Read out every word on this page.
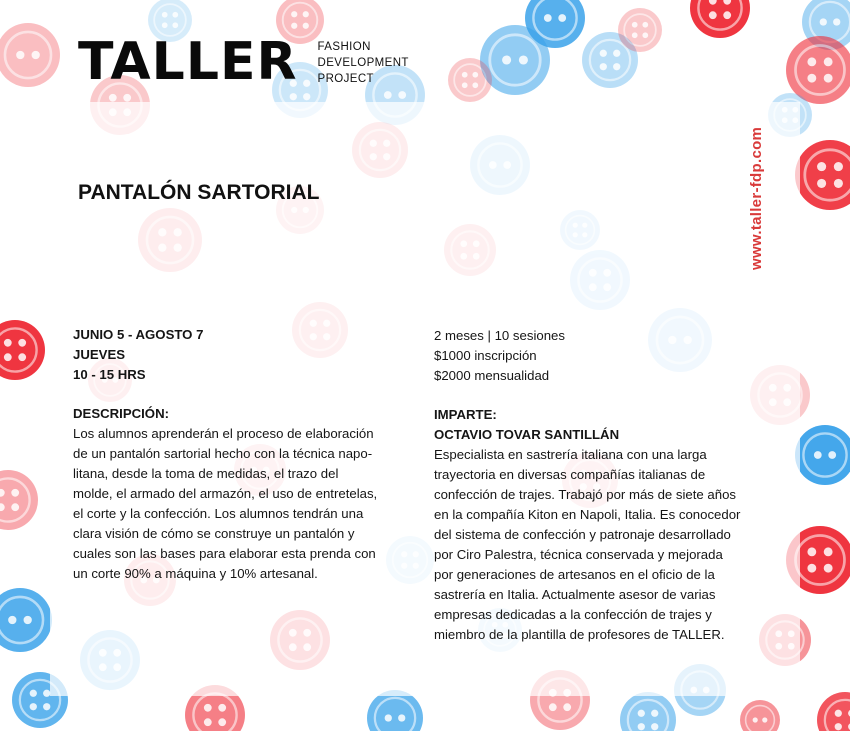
TALLER FASHION
DEVELOPMENT
PROJECT
www.taller-fdp.com
PANTALÓN SARTORIAL
JUNIO 5 - AGOSTO 7
JUEVES
10 - 15 HRS
DESCRIPCIÓN:
Los alumnos aprenderán el proceso de elaboración
de un pantalón sartorial hecho con la técnica napo-
litana, desde la toma de medidas, el trazo del
molde, el armado del armazón, el uso de entretelas,
el corte y la confección. Los alumnos tendrán una
clara visión de cómo se construye un pantalón y
cuales son las bases para elaborar esta prenda con
un corte 90% a máquina y 10% artesanal.
2 meses | 10 sesiones
$1000 inscripción
$2000 mensualidad
IMPARTE:
OCTAVIO TOVAR SANTILLÁN
Especialista en sastrería italiana con una larga
trayectoria en diversas compañías italianas de
confección de trajes. Trabajó por más de siete años
en la compañía Kiton en Napoli, Italia. Es conocedor
del sistema de confección y patronaje desarrollado
por Ciro Palestra, técnica conservada y mejorada
por generaciones de artesanos en el oficio de la
sastrería en Italia. Actualmente asesor de varias
empresas dedicadas a la confección de trajes y
miembro de la plantilla de profesores de TALLER.
